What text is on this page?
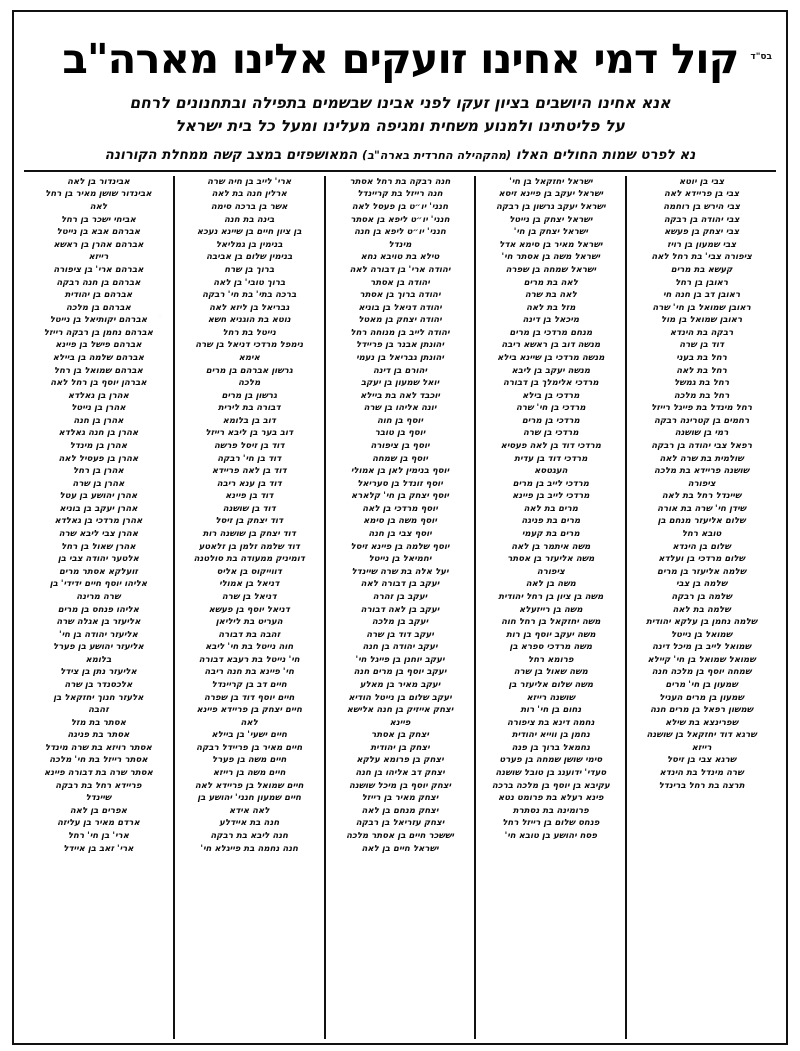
בס"ד
קול דמי אחינו זועקים אלינו מארה"ב
אנא אחינו היושבים בציון זעקו לפני אבינו שבשמים בתפילה ובתחנונים לרחם
על פליטתינו ולמנוע משחית ומגיפה מעלינו ומעל כל בית ישראל
נא לפרט שמות החולים האלו (מהקהילה החרדית בארה"ב) המאושפזים במצב קשה ממחלת הקורונה
צבי בן יוטא
צבי בן פריידא לאה
צבי הירש בן רוחמה
צבי יהודה בן רבקה
צבי יצחק בן פעשא
צבי שמעון בן רויז
ציפורה צבי' בת רחל לאה
קעשא בת מרים
ראובן בן רחל
ראובן דב בן חנה חי
ראובן שמואל בן חי' שרה
ראובן שמואל בן מול
רבקה בת הינדא
דוד בן שרה
רחל בת בעני
רחל בת לאה
רחל בת גמשל
רחל בת מלכה
רחל מינדל בת פייגל רייזל
רחמים בן קטרינה רבקה
רמי בן שושנה
רפאל צבי יהודה בן רבקה
שולמית בת שרה לאה
שושנה פריידא בת מלכה
ציפורה
שיינדל רחל בת לאה
שידן חי' שרה בת אורה
שלום אליעזר מנחם בן
טובא רחל
שלום בן הינדא
שלום מרדכי בן ועלדא
שלמה אליעזר בן מרים
שלמה בן צבי
שלמה בן רבקה
שלמה בת לאה
שלמה נחמן בן עלקא יהודית
שמואל בן נייטל
שמואל לייב בן מיכל דינה
שמואל שמואל בן חי' קיילא
שמחה יוסף בן מלכה חנה
שמעון בן חי' מרים
שמעון בן מרים העניל
שמשון רפאל בן מרים חנה
שפרינצא בת שילא
שרגא דוד יחזקאל בן שושנה
רייזא
שרגא צבי בן זיסל
שרה מינדל בת הינדא
תרצה בת רחל ברינדל
ישראל יחזקאל בן חי'
ישראל יעקב בן פיינא זיסא
ישראל יעקב גרשון בן רבקה
ישראל יצחק בן נייטל
ישראל יצחק בן חי'
ישראל מאיר בן סימא אדל
ישראל משה בן אסתר חי'
ישראל שמחה בן שפרה
לאה בת מרים
לאה בת שרה
מזל בת לאה
מיכאל בן דינה
מנחם מרדכי בן מרים
מנשה דוב בן ראשא ריבה
מנשה מרדכי בן שיינא בילא
מנשה יעקב בן ליבא
מרדכי אלימלך בן דבורה
מרדכי בן בילא
מרדכי בן חי' שרה
מרדכי בן מרים
מרדכי בן שרה
מרדכי דוד בן לאה פעסיא
מרדכי דוד בן עדית
העגטסא
מרדכי לייב בן מרים
מרדכי לייב בן פיינא
מרים בת לאה
מרים בת פניגה
מרים בת קעמי
משה איתמר בן לאה
משה אליעזר בן אסתר
ציפורה
משה בן לאה
משה בן ציון בן רחל יהודית
משה בן רייזעלא
משה יחזקאל בן רחל חוה
משה יעקב יוסף בן רות
משה מרדכי ספרא בן
פרומא רחל
משה שאול בן שרה
משה שלום אליעזר בן
שושנה רייזא
נחום בן חי' רות
נחמה דינא בת ציפורה
נחמן בן ווייא יהודית
נחמאל ברוך בן פנה
סימי שושן שמחה בן פערט
סעדי' ידוענג בן טובל שושנה
עקיבא בן יוסף בן מלכה ברכה
פינא רעלא בת פרומט נטא
פרומינה בת נסתרת
פנחס שלום בן רייזל רחל
פסח יהושע בן טובא חי'
חנה רבקה בת רחל אסתר
חנה רייזל בת קריינדל
חנני' יו״ט בן פעסל לאה
חנני' יו״ט ליפא בן אסתר
חנני' יו״ט ליפא בן חנה
מינדל
טילא בת טויבא נחא
יהודה ארי' בן דבורה לאה
יהודה בן אסתר
יהודה ברוך בן אסתר
יהודה דניאל בן בוניא
יהודה יצחק בן מאטל
יהודה לייב בן מנוחה רחל
יהונתן אבנר בן פריידל
יהונתן גבריאל בן נעמי
יהורם בן דינה
יואל שמעון בן יעקב
יוכבד לאה בת ביילא
יונה אליהו בן שרה
יוסף בן חוה
יוסף בן טובר
יוסף בן ציפורה
יוסף בן שמחה
יוסף בנימין לאן בן אמולי
יוסף זונדל בן סעריאל
יוסף יצחק בן חי' קלארא
יוסף מרדכי בן לאה
יוסף משה בן סימא
יוסף צבי בן חנה
יוסף שלמה בן פיינא זיסל
יחמיאל בן נייטל
יעל אלה בת שרה שיינדל
יעקב בן דבורה לאה
יעקב בן זהרה
יעקב בן לאה דבורה
יעקב בן מלכה
יעקב דוד בן שרה
יעקב יהודה בן חנה
יעקב יוחנן בן פייגל חי'
יעקב יוסף בן מרים חנה
יעקב מאיר בן מאלע
יעקב שלום בן נייטל הודיא
יצחק אייזיק בן חנה אלישא
פיינא
יצחק בן אסתר
יצחק בן יהודית
יצחק בן פרומא עלקא
יצחק דב אליהו בן חנה
יצחק יוסף בן מיכל שושנה
יצחק מאיר בן רייזל
יצחק מנחם בן לאה
יצחק עזריאל בן רבקה
יששכר חיים בן אסתר מלכה
ישראל חיים בן לאה
ארי' לייב בן חיה שרה
ארלין חנה בת לאה
אשר בן ברכה סימה
בינה בת חנה
בן ציון חיים בן שיינא נעכא
בנימין בן גמליאל
בנימין שלום בן אביבה
ברוך בן שרח
ברוך טובי' בן לאה
ברכה בתי' בת חי' רבקה
גבריאל בן ליזא לאה
נוטא בת הוגניא חשא
נייטל בת רחל
נימפל מרדכי דניאל בן שרה
אימא
גרשון אברהם בן מרים
מלכה
גרשון בן מרים
דבורה בת לירית
דוב בן בלומא
דוב בער בן ליבא רייזל
דוד בן זיסל פרשה
דוד בן חי' רבקה
דוד בן לאה פריידא
דוד בן ענא ריבה
דוד בן פיינא
דוד בן שושנה
דוד יצחק בן זיסל
דוד יצחק בן שושנה רות
דוד שלמה זלמן בן זלאטע
דומיניק ממעודה בת סולטנה
דווייקוס בן אליס
דניאל בן אמולי
דניאל בן שרה
דניאל יוסף בן פעשא
העריט בת ליליאן
זהבה בת דבורה
חוה נייטל בת חי' ליבא
חי' נייטל בת רעבא דבורה
חי' פיינא בת חנה ריבה
חיים דב בן קריינדל
חיים יוסף דוד בן שפרה
חיים יצחק בן פריידא פיינא
לאה
חיים ישעי' בן ביילא
חיים מאיר בן פריידל רבקה
חיים משה בן פערל
חיים משה בן רייזא
חיים שמואל בן פריידא לאה
חיים שמעון חנני' יהושע בן
לאה אידא
חנה בת איידלע
חנה ליבא בת רבקה
חנה נחמה בת פייגלא חי'
אבינדור בן לאה
אבינדור שושן מאיר בן רחל
לאה
אביחי ישכר בן רחל
אברהם אבא בן נייטל
אברהם אהרן בן ראשא
רייזא
אברהם ארי' בן ציפורה
אברהם בן חנה רבקה
אברהם בן יהודית
אברהם בן מלכה
אברהם יקותיאל בן נייטל
אברהם נחמן בן רבקה רייזל
אברהם פישל בן פיינא
אברהם שלמה בן ביילא
אברהם שמואל בן רחל
אברהן יוסף בן רחל לאה
אהרן בן גאלדא
אהרן בן נייטל
אהרן בן חנה
אהרן בן חנה גאלדא
אהרן בן מינדל
אהרן בן פעסיל לאה
אהרן בן רחל
אהרן בן שרה
אהרן יהושע בן עטל
אהרן יעקב בן בוניא
אהרן מרדכי בן גאלדא
אהרן צבי ליבא שרה
אהרן שאול בן רחל
אלטער יהודה צבי בן
זועלקא אסתר מרים
אליהו יוסף חיים ידידי' בן
שרה מרינה
אליהו פנחס בן מרים
אליעזר בן אגלה שרה
אליעזר יהודה בן חי'
אליעזר יהושע בן פערל
בלומא
אליעזר נתן בן צידל
אלכסנדר בן שרה
אלעזר חנוך יחזקאל בן
זהבה
אסתר בת מזל
אסתר בת פניגה
אסתר רויזא בת שרה מינדל
אסתר רייזל בת חי' מלכה
אסתר שרה בת דבורה פיינא
פריידא רחל בת רבקה
שיינדל
אפרים בן לאה
ארדם מאיר בן עליזה
ארי' בן חי' רחל
ארי' זאב בן איידל
